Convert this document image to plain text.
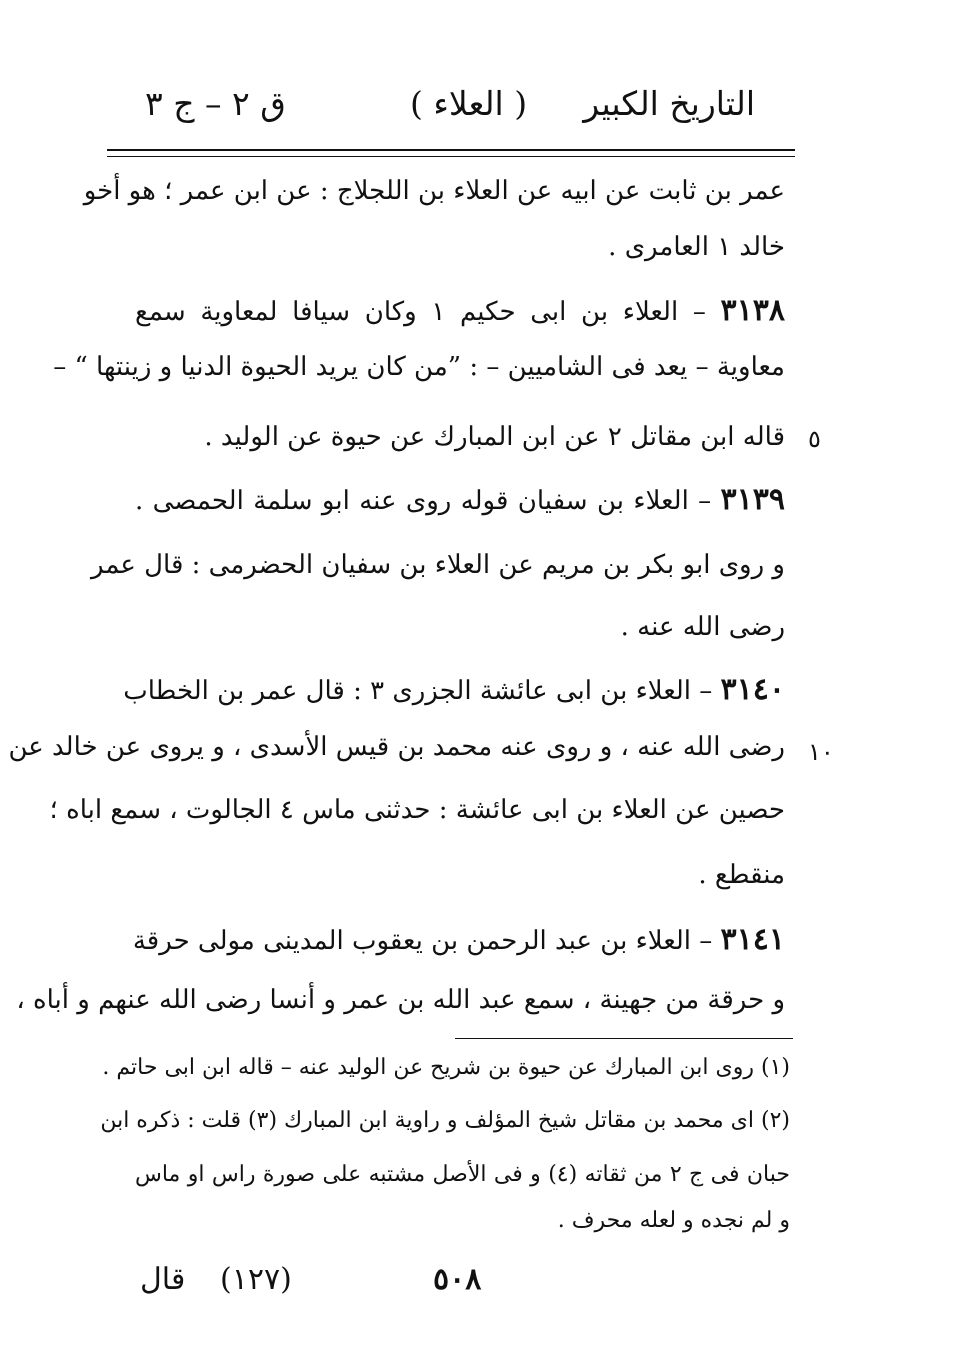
التاريخ الكبير
( العلاء )
ق ٢ – ج ٣
عمر بن ثابت عن ابيه عن العلاء بن اللجلاج : عن ابن عمر ؛ هو أخو
خالد ١ العامرى .
٣١٣٨ – العلاء بن ابى حكيم ١ وكان سيافا لمعاوية سمع
معاوية – يعد فى الشاميين – : ”من كان يريد الحيوة الدنيا و زينتها “ –
قاله ابن مقاتل ٢ عن ابن المبارك عن حيوة عن الوليد .
٣١٣٩ – العلاء بن سفيان قوله روى عنه ابو سلمة الحمصى .
و روى ابو بكر بن مريم عن العلاء بن سفيان الحضرمى : قال عمر
رضى الله عنه .
٣١٤٠ – العلاء بن ابى عائشة الجزرى ٣ : قال عمر بن الخطاب
رضى الله عنه ، و روى عنه محمد بن قيس الأسدى ، و يروى عن خالد عن
حصين عن العلاء بن ابى عائشة : حدثنى ماس ٤ الجالوت ، سمع اباه ؛
منقطع .
٣١٤١ – العلاء بن عبد الرحمن بن يعقوب المدينى مولى حرقة
و حرقة من جهينة ، سمع عبد الله بن عمر و أنسا رضى الله عنهم و أباه ،
٥
١٠
(١) روى ابن المبارك عن حيوة بن شريح عن الوليد عنه – قاله ابن ابى حاتم .
(٢) اى محمد بن مقاتل شيخ المؤلف و راوية ابن المبارك (٣) قلت : ذكره ابن
حبان فى ج ٢ من ثقاته (٤) و فى الأصل مشتبه على صورة راس او ماس
و لم نجده و لعله محرف .
٥٠٨
(١٢٧)
قال
